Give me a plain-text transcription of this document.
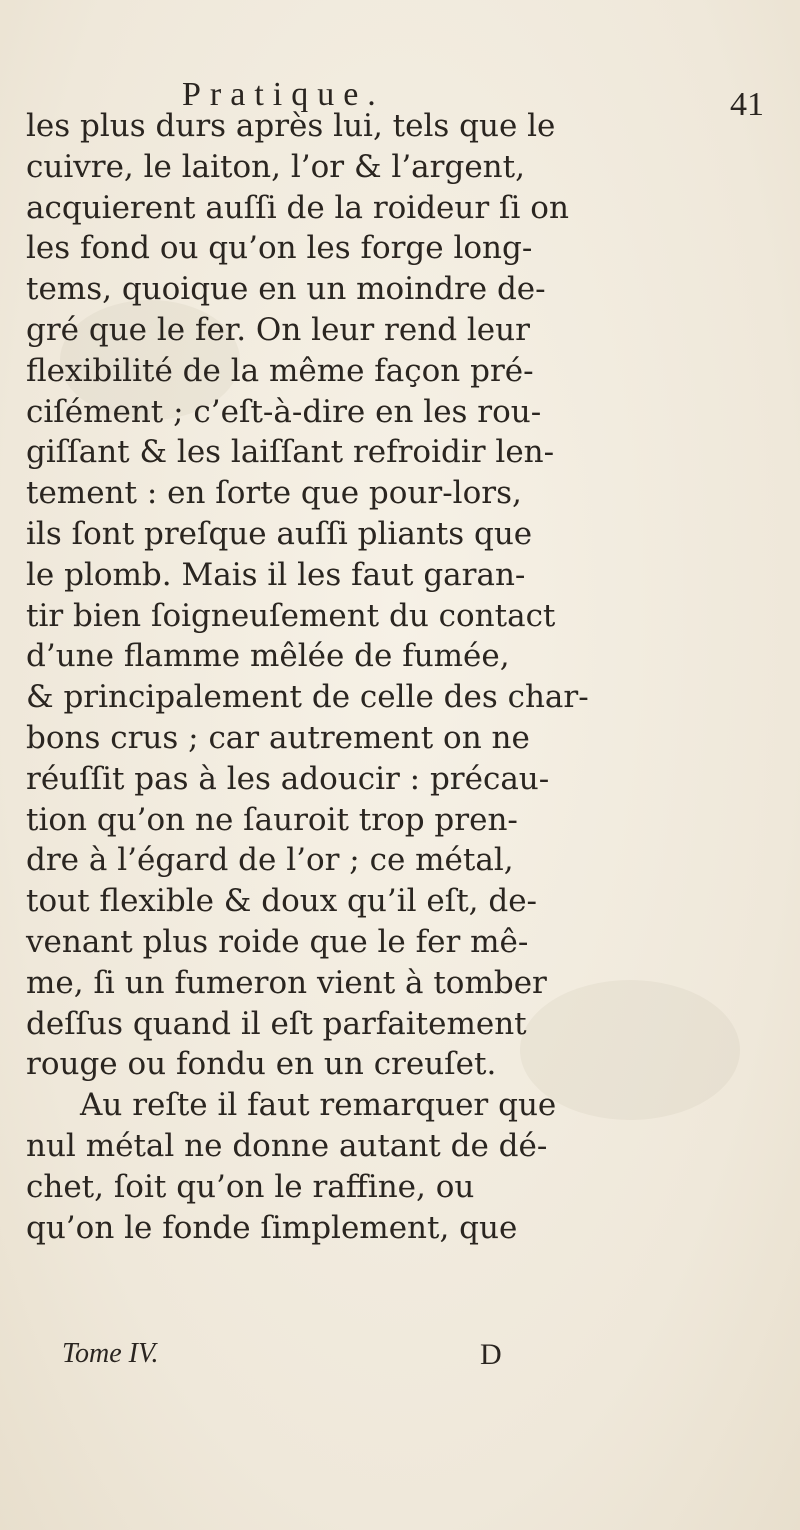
Pratique.	41
les plus durs après lui, tels que le
cuivre, le laiton, l’or & l’argent,
acquierent auſſi de la roideur ſi on
les fond ou qu’on les forge long-
tems, quoique en un moindre de-
gré que le fer. On leur rend leur
flexibilité de la même façon pré-
ciſément ; c’eſt-à-dire en les rou-
giſſant & les laiſſant refroidir len-
tement : en ſorte que pour-lors,
ils ſont preſque auſſi pliants que
le plomb. Mais il les faut garan-
tir bien ſoigneuſement du contact
d’une flamme mêlée de fumée,
& principalement de celle des char-
bons crus ; car autrement on ne
réuſſit pas à les adoucir : précau-
tion qu’on ne ſauroit trop pren-
dre à l’égard de l’or ; ce métal,
tout flexible & doux qu’il eſt, de-
venant plus roide que le fer mê-
me, ſi un fumeron vient à tomber
deſſus quand il eſt parfaitement
rouge ou fondu en un creuſet.
Au reſte il faut remarquer que
nul métal ne donne autant de dé-
chet, ſoit qu’on le raffine, ou
qu’on le fonde ſimplement, que
Tome IV.	D
